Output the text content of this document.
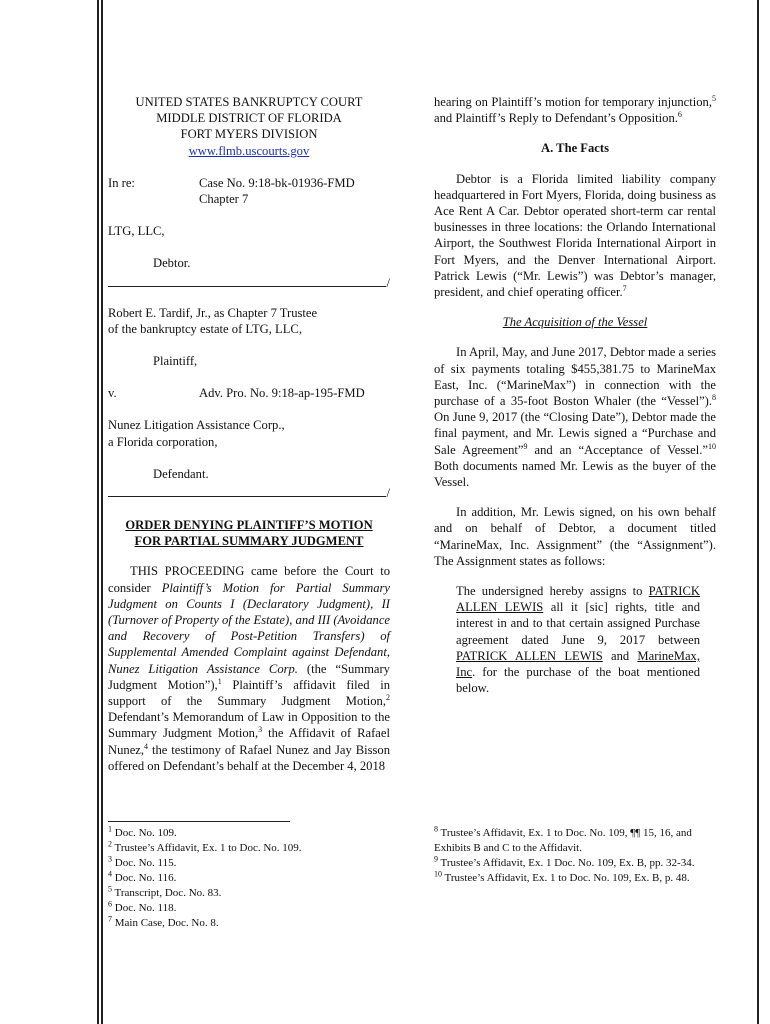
UNITED STATES BANKRUPTCY COURT
MIDDLE DISTRICT OF FLORIDA
FORT MYERS DIVISION
www.flmb.uscourts.gov
In re:	Case No. 9:18-bk-01936-FMD
Chapter 7
LTG, LLC,
Debtor.
/
Robert E. Tardif, Jr., as Chapter 7 Trustee
of the bankruptcy estate of LTG, LLC,
Plaintiff,
v.	Adv. Pro. No. 9:18-ap-195-FMD
Nunez Litigation Assistance Corp.,
a Florida corporation,
Defendant.
/
ORDER DENYING PLAINTIFF’S MOTION
FOR PARTIAL SUMMARY JUDGMENT
THIS PROCEEDING came before the Court to consider Plaintiff’s Motion for Partial Summary Judgment on Counts I (Declaratory Judgment), II (Turnover of Property of the Estate), and III (Avoidance and Recovery of Post-Petition Transfers) of Supplemental Amended Complaint against Defendant, Nunez Litigation Assistance Corp. (the “Summary Judgment Motion”),$^1$ Plaintiff’s affidavit filed in support of the Summary Judgment Motion,$^2$ Defendant’s Memorandum of Law in Opposition to the Summary Judgment Motion,$^3$ the Affidavit of Rafael Nunez,$^4$ the testimony of Rafael Nunez and Jay Bisson offered on Defendant’s behalf at the December 4, 2018
hearing on Plaintiff’s motion for temporary injunction,$^5$ and Plaintiff’s Reply to Defendant’s Opposition.$^6$
A. The Facts
Debtor is a Florida limited liability company headquartered in Fort Myers, Florida, doing business as Ace Rent A Car. Debtor operated short-term car rental businesses in three locations: the Orlando International Airport, the Southwest Florida International Airport in Fort Myers, and the Denver International Airport. Patrick Lewis (“Mr. Lewis”) was Debtor’s manager, president, and chief operating officer.$^7$
The Acquisition of the Vessel
In April, May, and June 2017, Debtor made a series of six payments totaling $455,381.75 to MarineMax East, Inc. (“MarineMax”) in connection with the purchase of a 35-foot Boston Whaler (the “Vessel”).$^8$ On June 9, 2017 (the “Closing Date”), Debtor made the final payment, and Mr. Lewis signed a “Purchase and Sale Agreement”$^9$ and an “Acceptance of Vessel.”$^{10}$ Both documents named Mr. Lewis as the buyer of the Vessel.
In addition, Mr. Lewis signed, on his own behalf and on behalf of Debtor, a document titled “MarineMax, Inc. Assignment” (the “Assignment”). The Assignment states as follows:
The undersigned hereby assigns to PATRICK ALLEN LEWIS all it [sic] rights, title and interest in and to that certain assigned Purchase agreement dated June 9, 2017 between PATRICK ALLEN LEWIS and MarineMax, Inc. for the purchase of the boat mentioned below.
$^1$ Doc. No. 109.
$^2$ Trustee’s Affidavit, Ex. 1 to Doc. No. 109.
$^3$ Doc. No. 115.
$^4$ Doc. No. 116.
$^5$ Transcript, Doc. No. 83.
$^6$ Doc. No. 118.
$^7$ Main Case, Doc. No. 8.
$^8$ Trustee’s Affidavit, Ex. 1 to Doc. No. 109, ¶¶ 15, 16, and Exhibits B and C to the Affidavit.
$^9$ Trustee’s Affidavit, Ex. 1 Doc. No. 109, Ex. B, pp. 32-34.
$^{10}$ Trustee’s Affidavit, Ex. 1 to Doc. No. 109, Ex. B, p. 48.
